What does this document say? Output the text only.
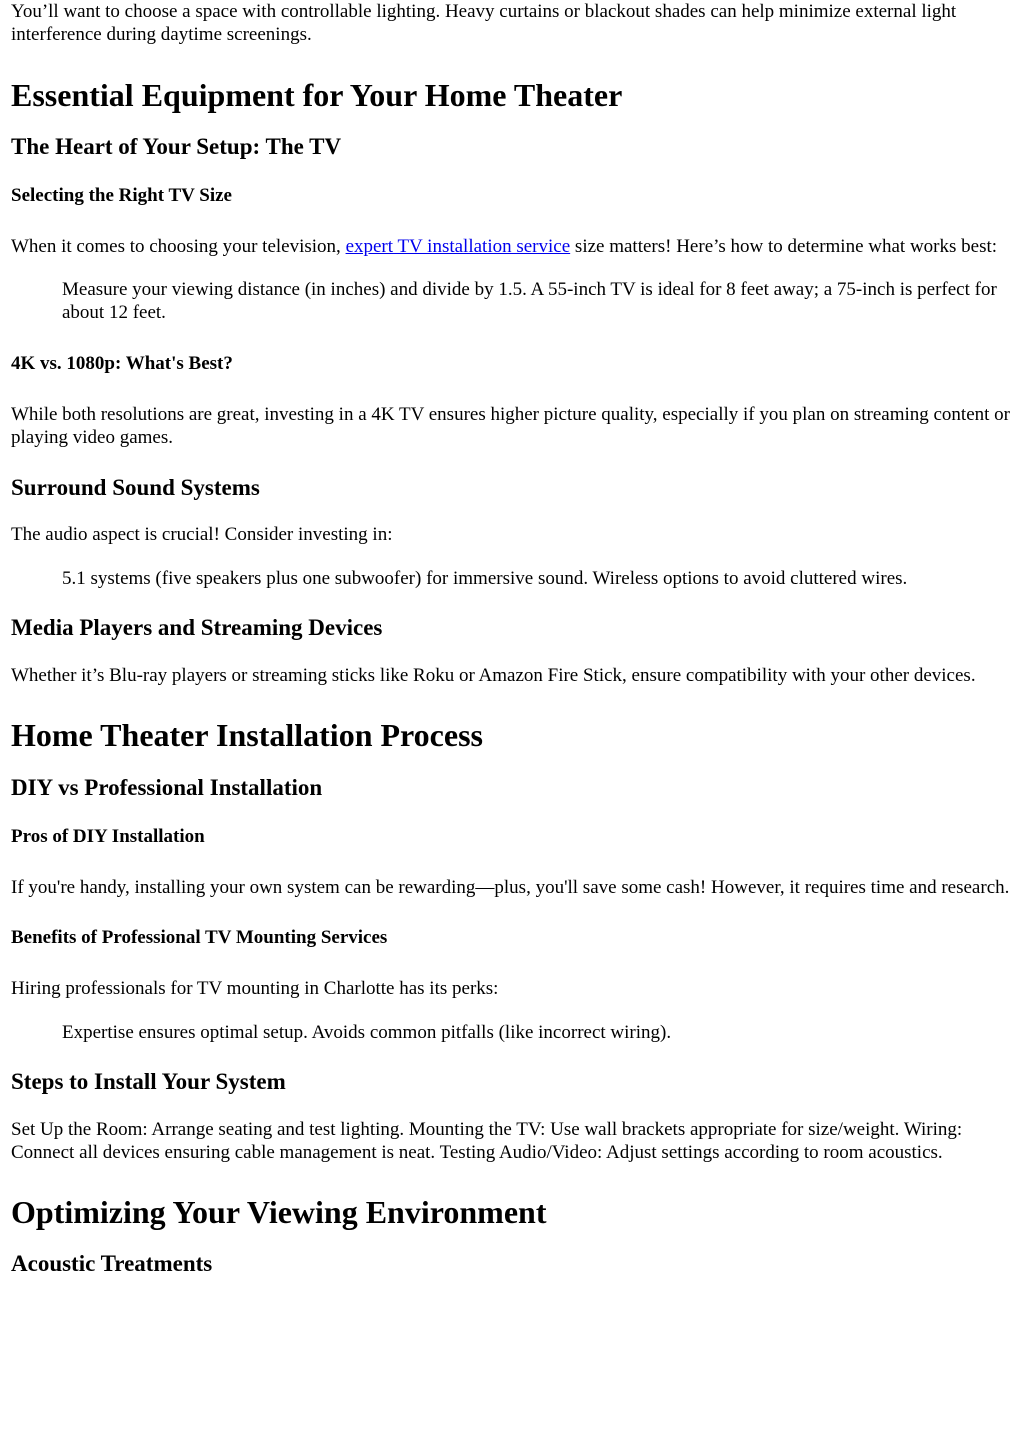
You’ll want to choose a space with controllable lighting. Heavy curtains or blackout shades can help minimize external light interference during daytime screenings.

Essential Equipment for Your Home Theater
The Heart of Your Setup: The TV
Selecting the Right TV Size

When it comes to choosing your television, expert TV installation service size matters! Here’s how to determine what works best:

Measure your viewing distance (in inches) and divide by 1.5. A 55-inch TV is ideal for 8 feet away; a 75-inch is perfect for about 12 feet.

4K vs. 1080p: What's Best?

While both resolutions are great, investing in a 4K TV ensures higher picture quality, especially if you plan on streaming content or playing video games.

Surround Sound Systems

The audio aspect is crucial! Consider investing in:

5.1 systems (five speakers plus one subwoofer) for immersive sound. Wireless options to avoid cluttered wires.

Media Players and Streaming Devices

Whether it’s Blu-ray players or streaming sticks like Roku or Amazon Fire Stick, ensure compatibility with your other devices.

Home Theater Installation Process
DIY vs Professional Installation
Pros of DIY Installation

If you're handy, installing your own system can be rewarding—plus, you'll save some cash! However, it requires time and research.

Benefits of Professional TV Mounting Services

Hiring professionals for TV mounting in Charlotte has its perks:

Expertise ensures optimal setup. Avoids common pitfalls (like incorrect wiring).

Steps to Install Your System

Set Up the Room: Arrange seating and test lighting. Mounting the TV: Use wall brackets appropriate for size/weight. Wiring: Connect all devices ensuring cable management is neat. Testing Audio/Video: Adjust settings according to room acoustics.

Optimizing Your Viewing Environment
Acoustic Treatments
